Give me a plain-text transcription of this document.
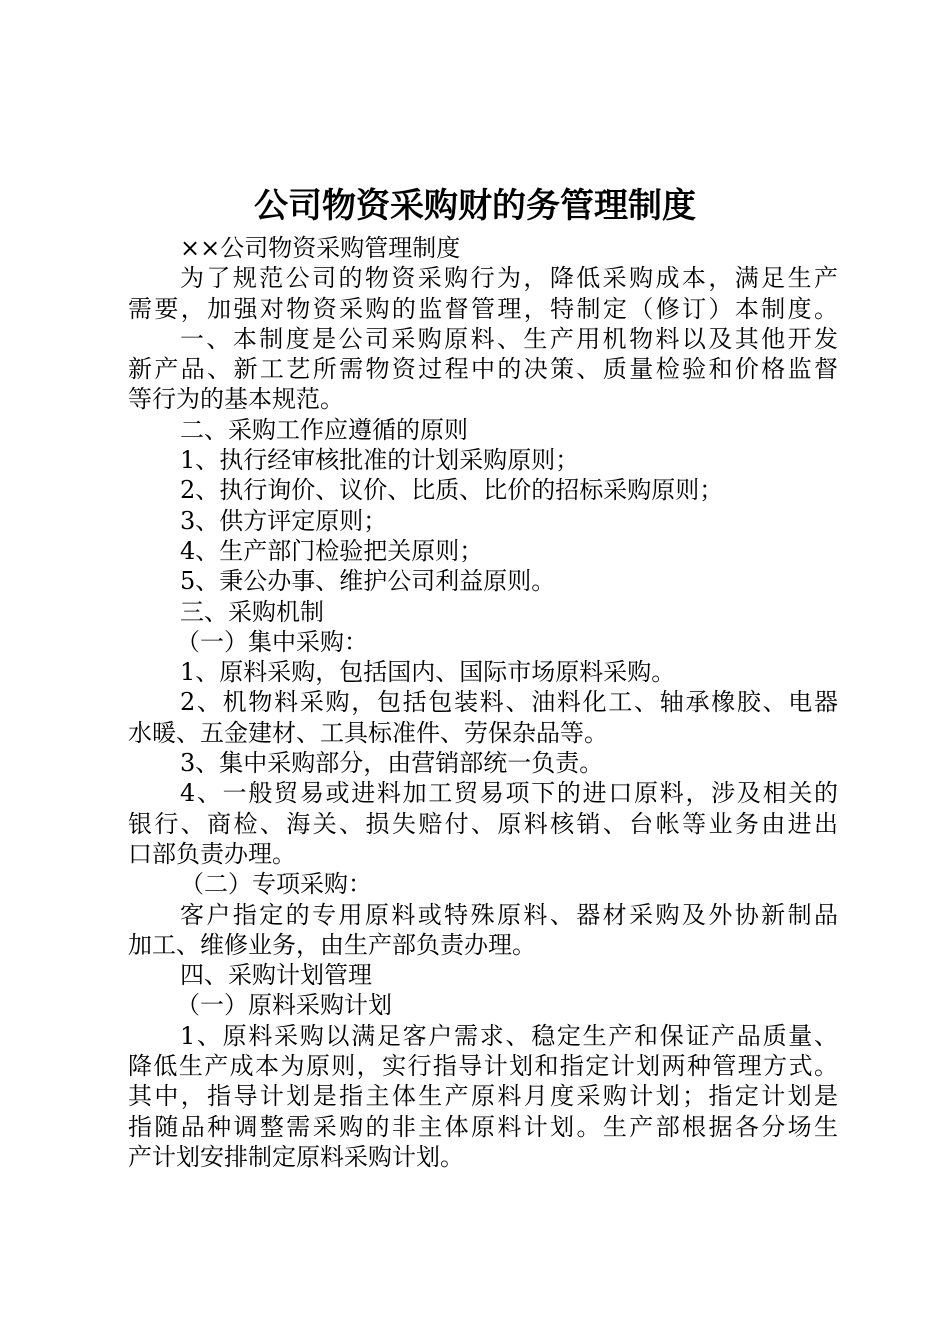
公司物资采购财的务管理制度
××公司物资采购管理制度
为了规范公司的物资采购行为，降低采购成本，满足生产
需要，加强对物资采购的监督管理，特制定（修订）本制度。
一、本制度是公司采购原料、生产用机物料以及其他开发
新产品、新工艺所需物资过程中的决策、质量检验和价格监督
等行为的基本规范。
二、采购工作应遵循的原则
1、执行经审核批准的计划采购原则；
2、执行询价、议价、比质、比价的招标采购原则；
3、供方评定原则；
4、生产部门检验把关原则；
5、秉公办事、维护公司利益原则。
三、采购机制
（一）集中采购：
1、原料采购，包括国内、国际市场原料采购。
2、机物料采购，包括包装料、油料化工、轴承橡胶、电器
水暖、五金建材、工具标准件、劳保杂品等。
3、集中采购部分，由营销部统一负责。
4、一般贸易或进料加工贸易项下的进口原料，涉及相关的
银行、商检、海关、损失赔付、原料核销、台帐等业务由进出
口部负责办理。
（二）专项采购：
客户指定的专用原料或特殊原料、器材采购及外协新制品
加工、维修业务，由生产部负责办理。
四、采购计划管理
（一）原料采购计划
1、原料采购以满足客户需求、稳定生产和保证产品质量、
降低生产成本为原则，实行指导计划和指定计划两种管理方式。
其中，指导计划是指主体生产原料月度采购计划；指定计划是
指随品种调整需采购的非主体原料计划。生产部根据各分场生
产计划安排制定原料采购计划。
